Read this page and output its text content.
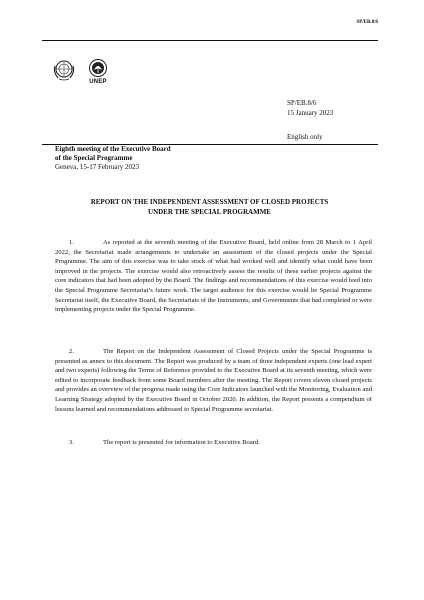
SP/EB.8/6
UNEP
SP/EB.8/6
15 January 2023
English only
Eighth meeting of the Executive Board
of the Special Programme
Geneva, 15-17 February 2023
REPORT ON THE INDEPENDENT ASSESSMENT OF CLOSED PROJECTS
UNDER THE SPECIAL PROGRAMME
1.	As reported at the seventh meeting of the Executive Board, held online from 28 March to 1 April 2022, the Secretariat made arrangements to undertake an assessment of the closed projects under the Special Programme. The aim of this exercise was to take stock of what had worked well and identify what could have been improved in the projects. The exercise would also retroactively assess the results of these earlier projects against the core indicators that had been adopted by the Board. The findings and recommendations of this exercise would feed into the Special Programme Secretariat’s future work. The target audience for this exercise would be Special Programme Secretariat itself, the Executive Board, the Secretariats of the Instruments, and Governments that had completed or were implementing projects under the Special Programme.
2.	The Report on the Independent Assessment of Closed Projects under the Special Programme is presented as annex to this document. The Report was produced by a team of three independent experts (one lead expert and two experts) following the Terms of Reference provided to the Executive Board at its seventh meeting, which were edited to incorporate feedback from some Board members after the meeting. The Report covers eleven closed projects and provides an overview of the progress made using the Core Indicators launched with the Monitoring, Evaluation and Learning Strategy adopted by the Executive Board in October 2020. In addition, the Report presents a compendium of lessons learned and recommendations addressed to Special Programme secretariat.
3.	The report is presented for information to Executive Board.
